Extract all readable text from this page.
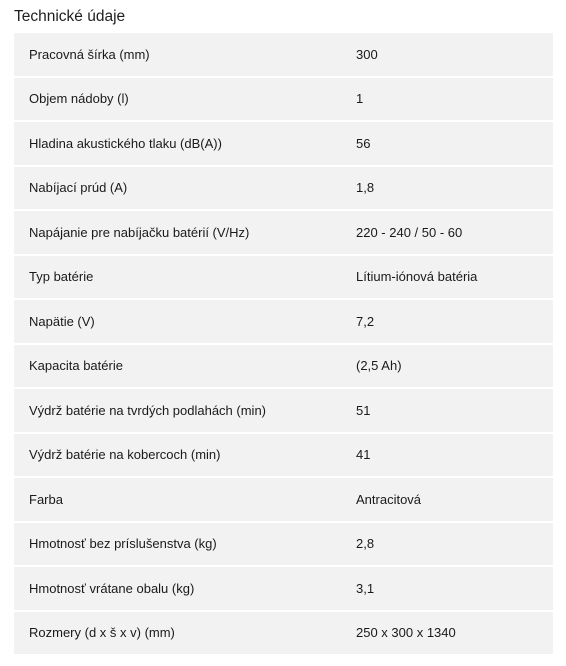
Technické údaje
Pracovná šírka (mm)	300
Objem nádoby (l)	1
Hladina akustického tlaku (dB(A))	56
Nabíjací prúd (A)	1,8
Napájanie pre nabíjačku batérií (V/Hz)	220 - 240 / 50 - 60
Typ batérie	Lítium-iónová batéria
Napätie (V)	7,2
Kapacita batérie	(2,5 Ah)
Výdrž batérie na tvrdých podlahách (min)	51
Výdrž batérie na kobercoch (min)	41
Farba	Antracitová
Hmotnosť bez príslušenstva (kg)	2,8
Hmotnosť vrátane obalu (kg)	3,1
Rozmery (d x š x v) (mm)	250 x 300 x 1340
